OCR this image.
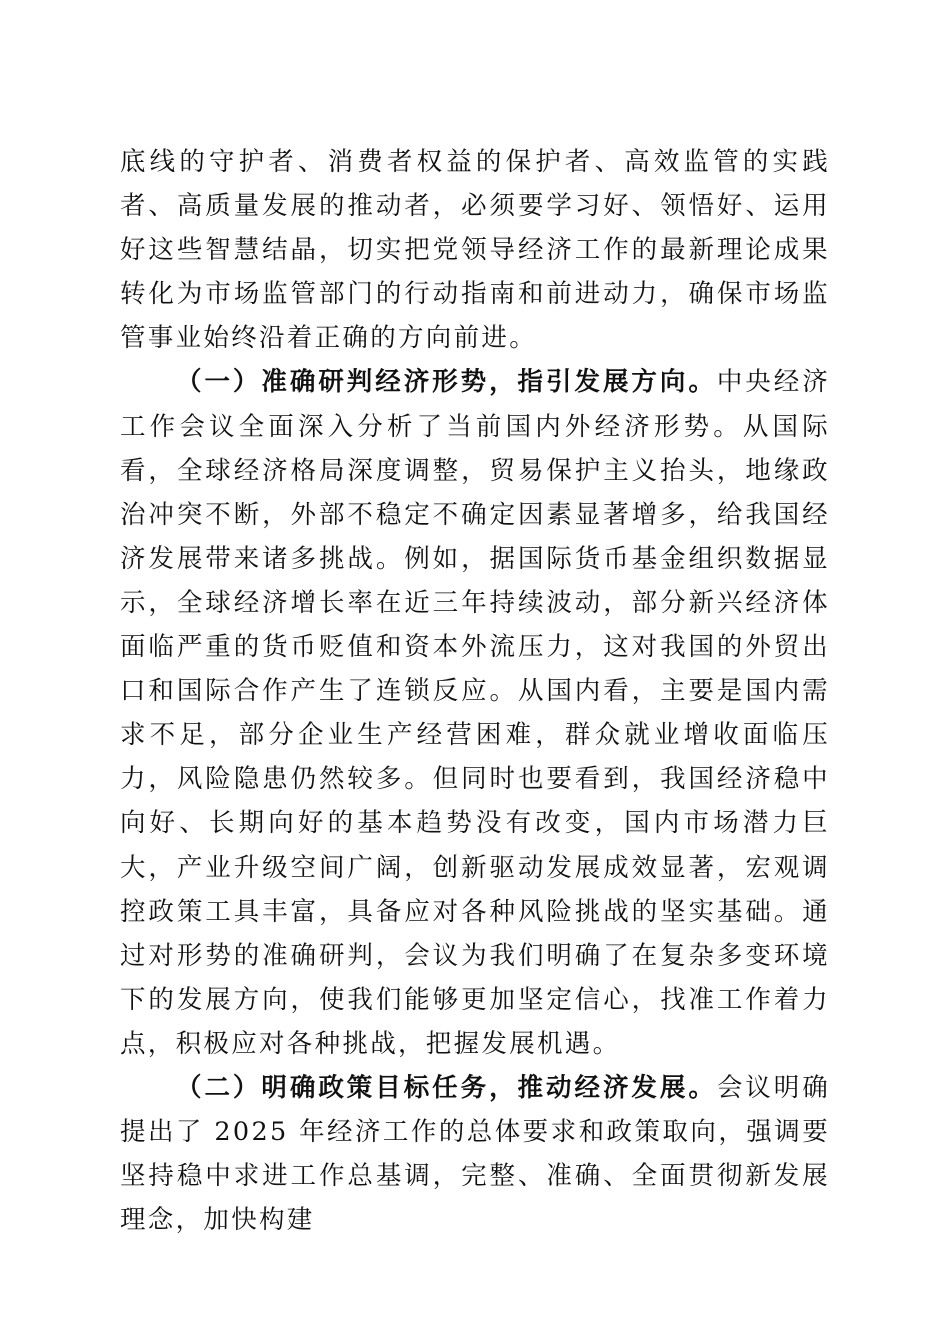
底线的守护者、消费者权益的保护者、高效监管的实践者、高质量发展的推动者，必须要学习好、领悟好、运用好这些智慧结晶，切实把党领导经济工作的最新理论成果转化为市场监管部门的行动指南和前进动力，确保市场监管事业始终沿着正确的方向前进。

（一）准确研判经济形势，指引发展方向。中央经济工作会议全面深入分析了当前国内外经济形势。从国际看，全球经济格局深度调整，贸易保护主义抬头，地缘政治冲突不断，外部不稳定不确定因素显著增多，给我国经济发展带来诸多挑战。例如，据国际货币基金组织数据显示，全球经济增长率在近三年持续波动，部分新兴经济体面临严重的货币贬值和资本外流压力，这对我国的外贸出口和国际合作产生了连锁反应。从国内看，主要是国内需求不足，部分企业生产经营困难，群众就业增收面临压力，风险隐患仍然较多。但同时也要看到，我国经济稳中向好、长期向好的基本趋势没有改变，国内市场潜力巨大，产业升级空间广阔，创新驱动发展成效显著，宏观调控政策工具丰富，具备应对各种风险挑战的坚实基础。通过对形势的准确研判，会议为我们明确了在复杂多变环境下的发展方向，使我们能够更加坚定信心，找准工作着力点，积极应对各种挑战，把握发展机遇。

（二）明确政策目标任务，推动经济发展。会议明确提出了 2025 年经济工作的总体要求和政策取向，强调要坚持稳中求进工作总基调，完整、准确、全面贯彻新发展理念，加快构建
